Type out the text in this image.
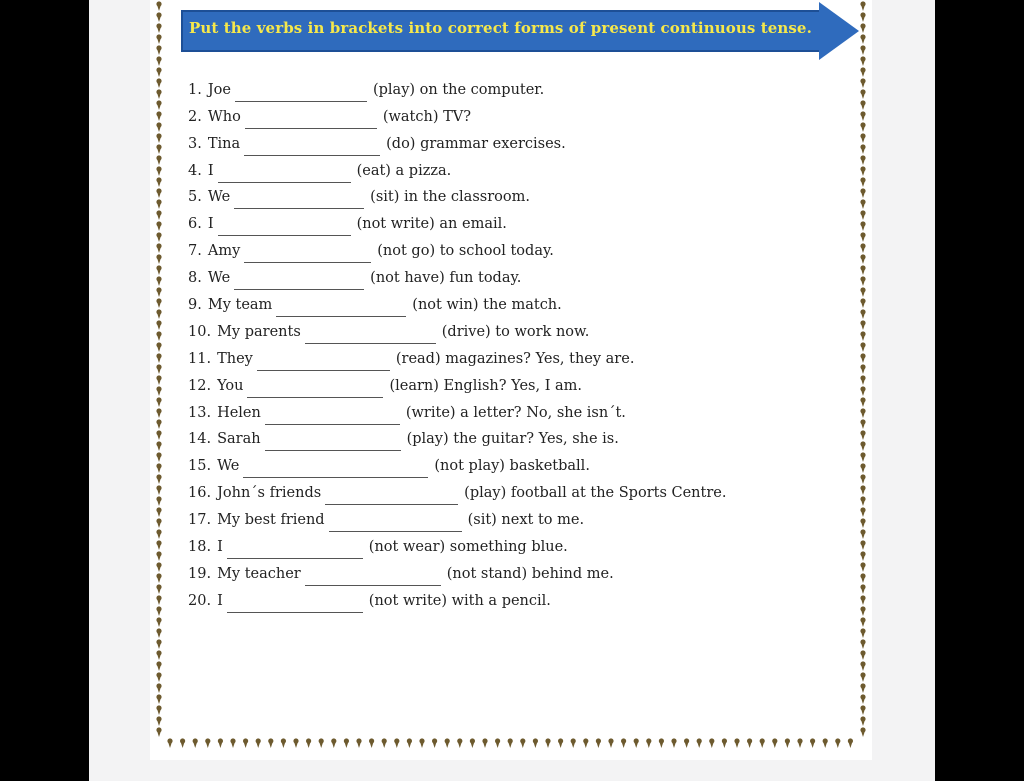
Put the verbs in brackets into correct forms of present continuous tense.
1. Joe	(play) on the computer.
2. Who	(watch) TV?
3. Tina	(do) grammar exercises.
4. I	(eat) a pizza.
5. We	(sit) in the classroom.
6. I	(not write) an email.
7. Amy	(not go) to school today.
8. We	(not have) fun today.
9. My team	(not win) the match.
10. My parents	(drive) to work now.
11. They	(read) magazines? Yes, they are.
12. You	(learn) English? Yes, I am.
13. Helen	(write) a letter? No, she isn´t.
14. Sarah	(play) the guitar? Yes, she is.
15. We	(not play) basketball.
16. John´s friends	(play) football at the Sports Centre.
17. My best friend	(sit) next to me.
18. I	(not wear) something blue.
19. My teacher	(not stand) behind me.
20. I	(not write) with a pencil.
